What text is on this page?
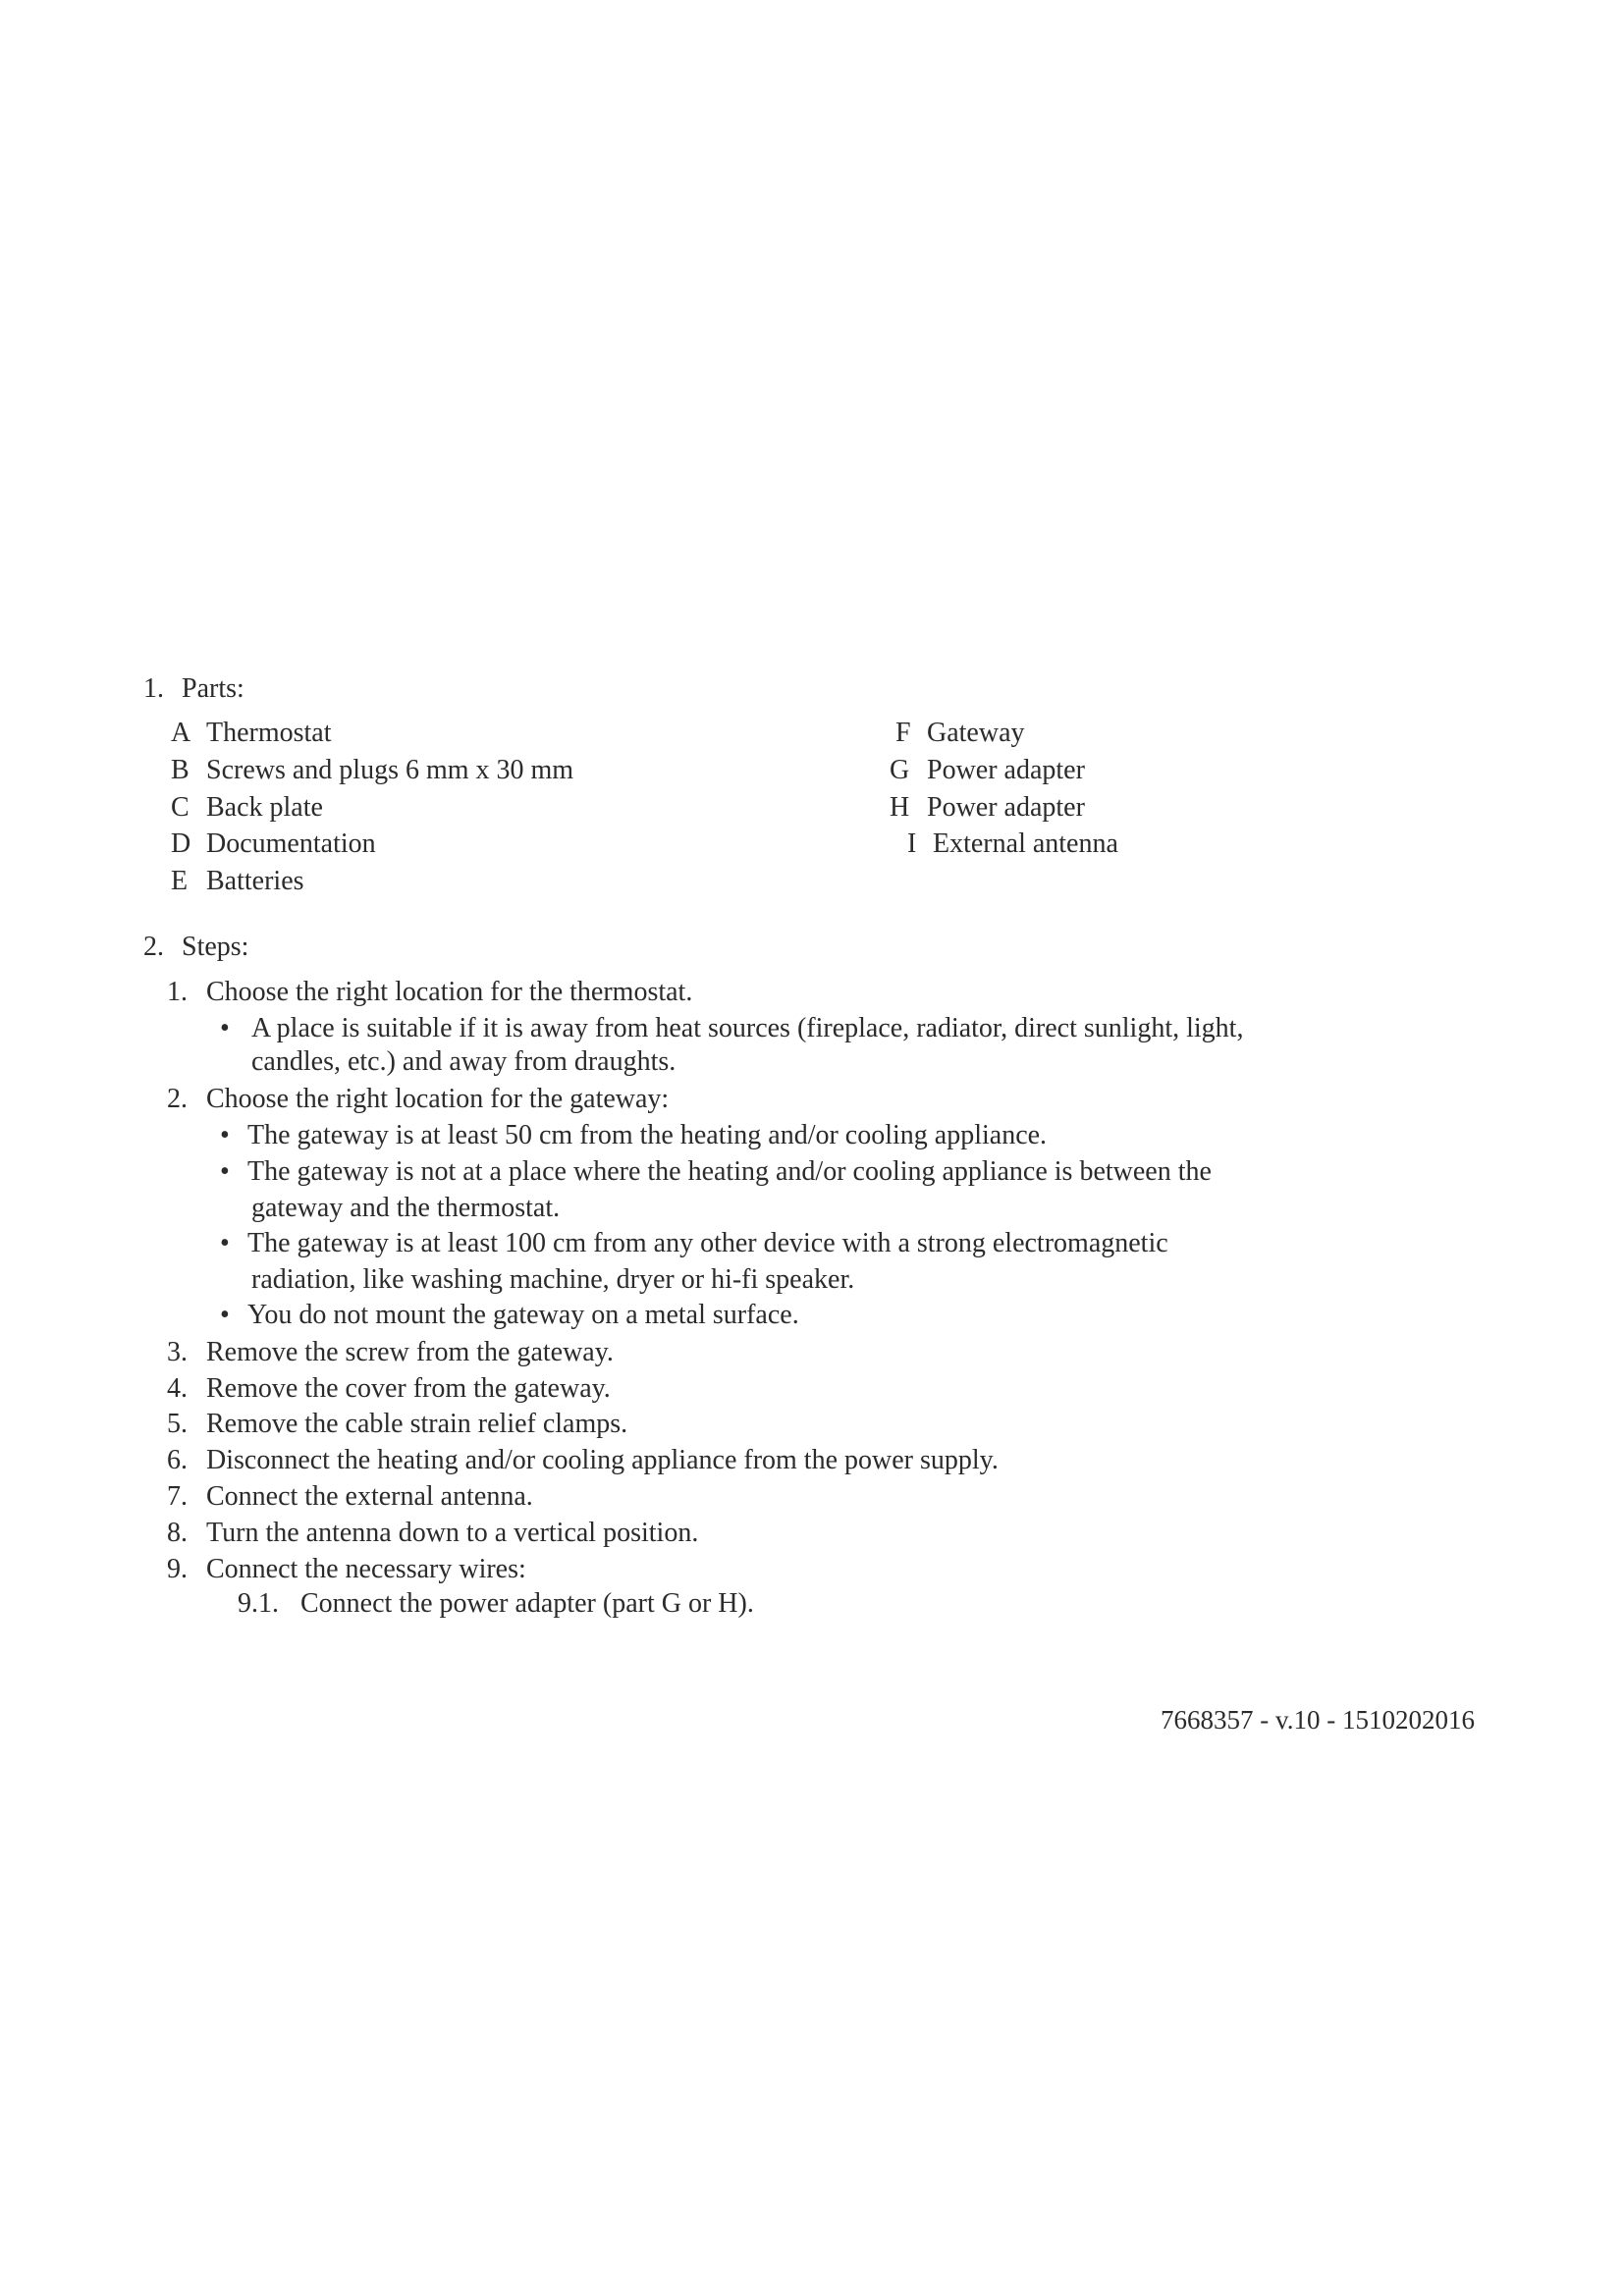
1. Parts:
A Thermostat
B Screws and plugs 6 mm x 30 mm
C Back plate
D Documentation
E Batteries
F Gateway
G Power adapter
H Power adapter
I External antenna
2. Steps:
1. Choose the right location for the thermostat.
• A place is suitable if it is away from heat sources (fireplace, radiator, direct sunlight, light,
candles, etc.) and away from draughts.
2. Choose the right location for the gateway:
• The gateway is at least 50 cm from the heating and/or cooling appliance.
• The gateway is not at a place where the heating and/or cooling appliance is between the
gateway and the thermostat.
• The gateway is at least 100 cm from any other device with a strong electromagnetic
radiation, like washing machine, dryer or hi-fi speaker.
• You do not mount the gateway on a metal surface.
3. Remove the screw from the gateway.
4. Remove the cover from the gateway.
5. Remove the cable strain relief clamps.
6. Disconnect the heating and/or cooling appliance from the power supply.
7. Connect the external antenna.
8. Turn the antenna down to a vertical position.
9. Connect the necessary wires:
9.1. Connect the power adapter (part G or H).
7668357 - v.10 - 1510202016
